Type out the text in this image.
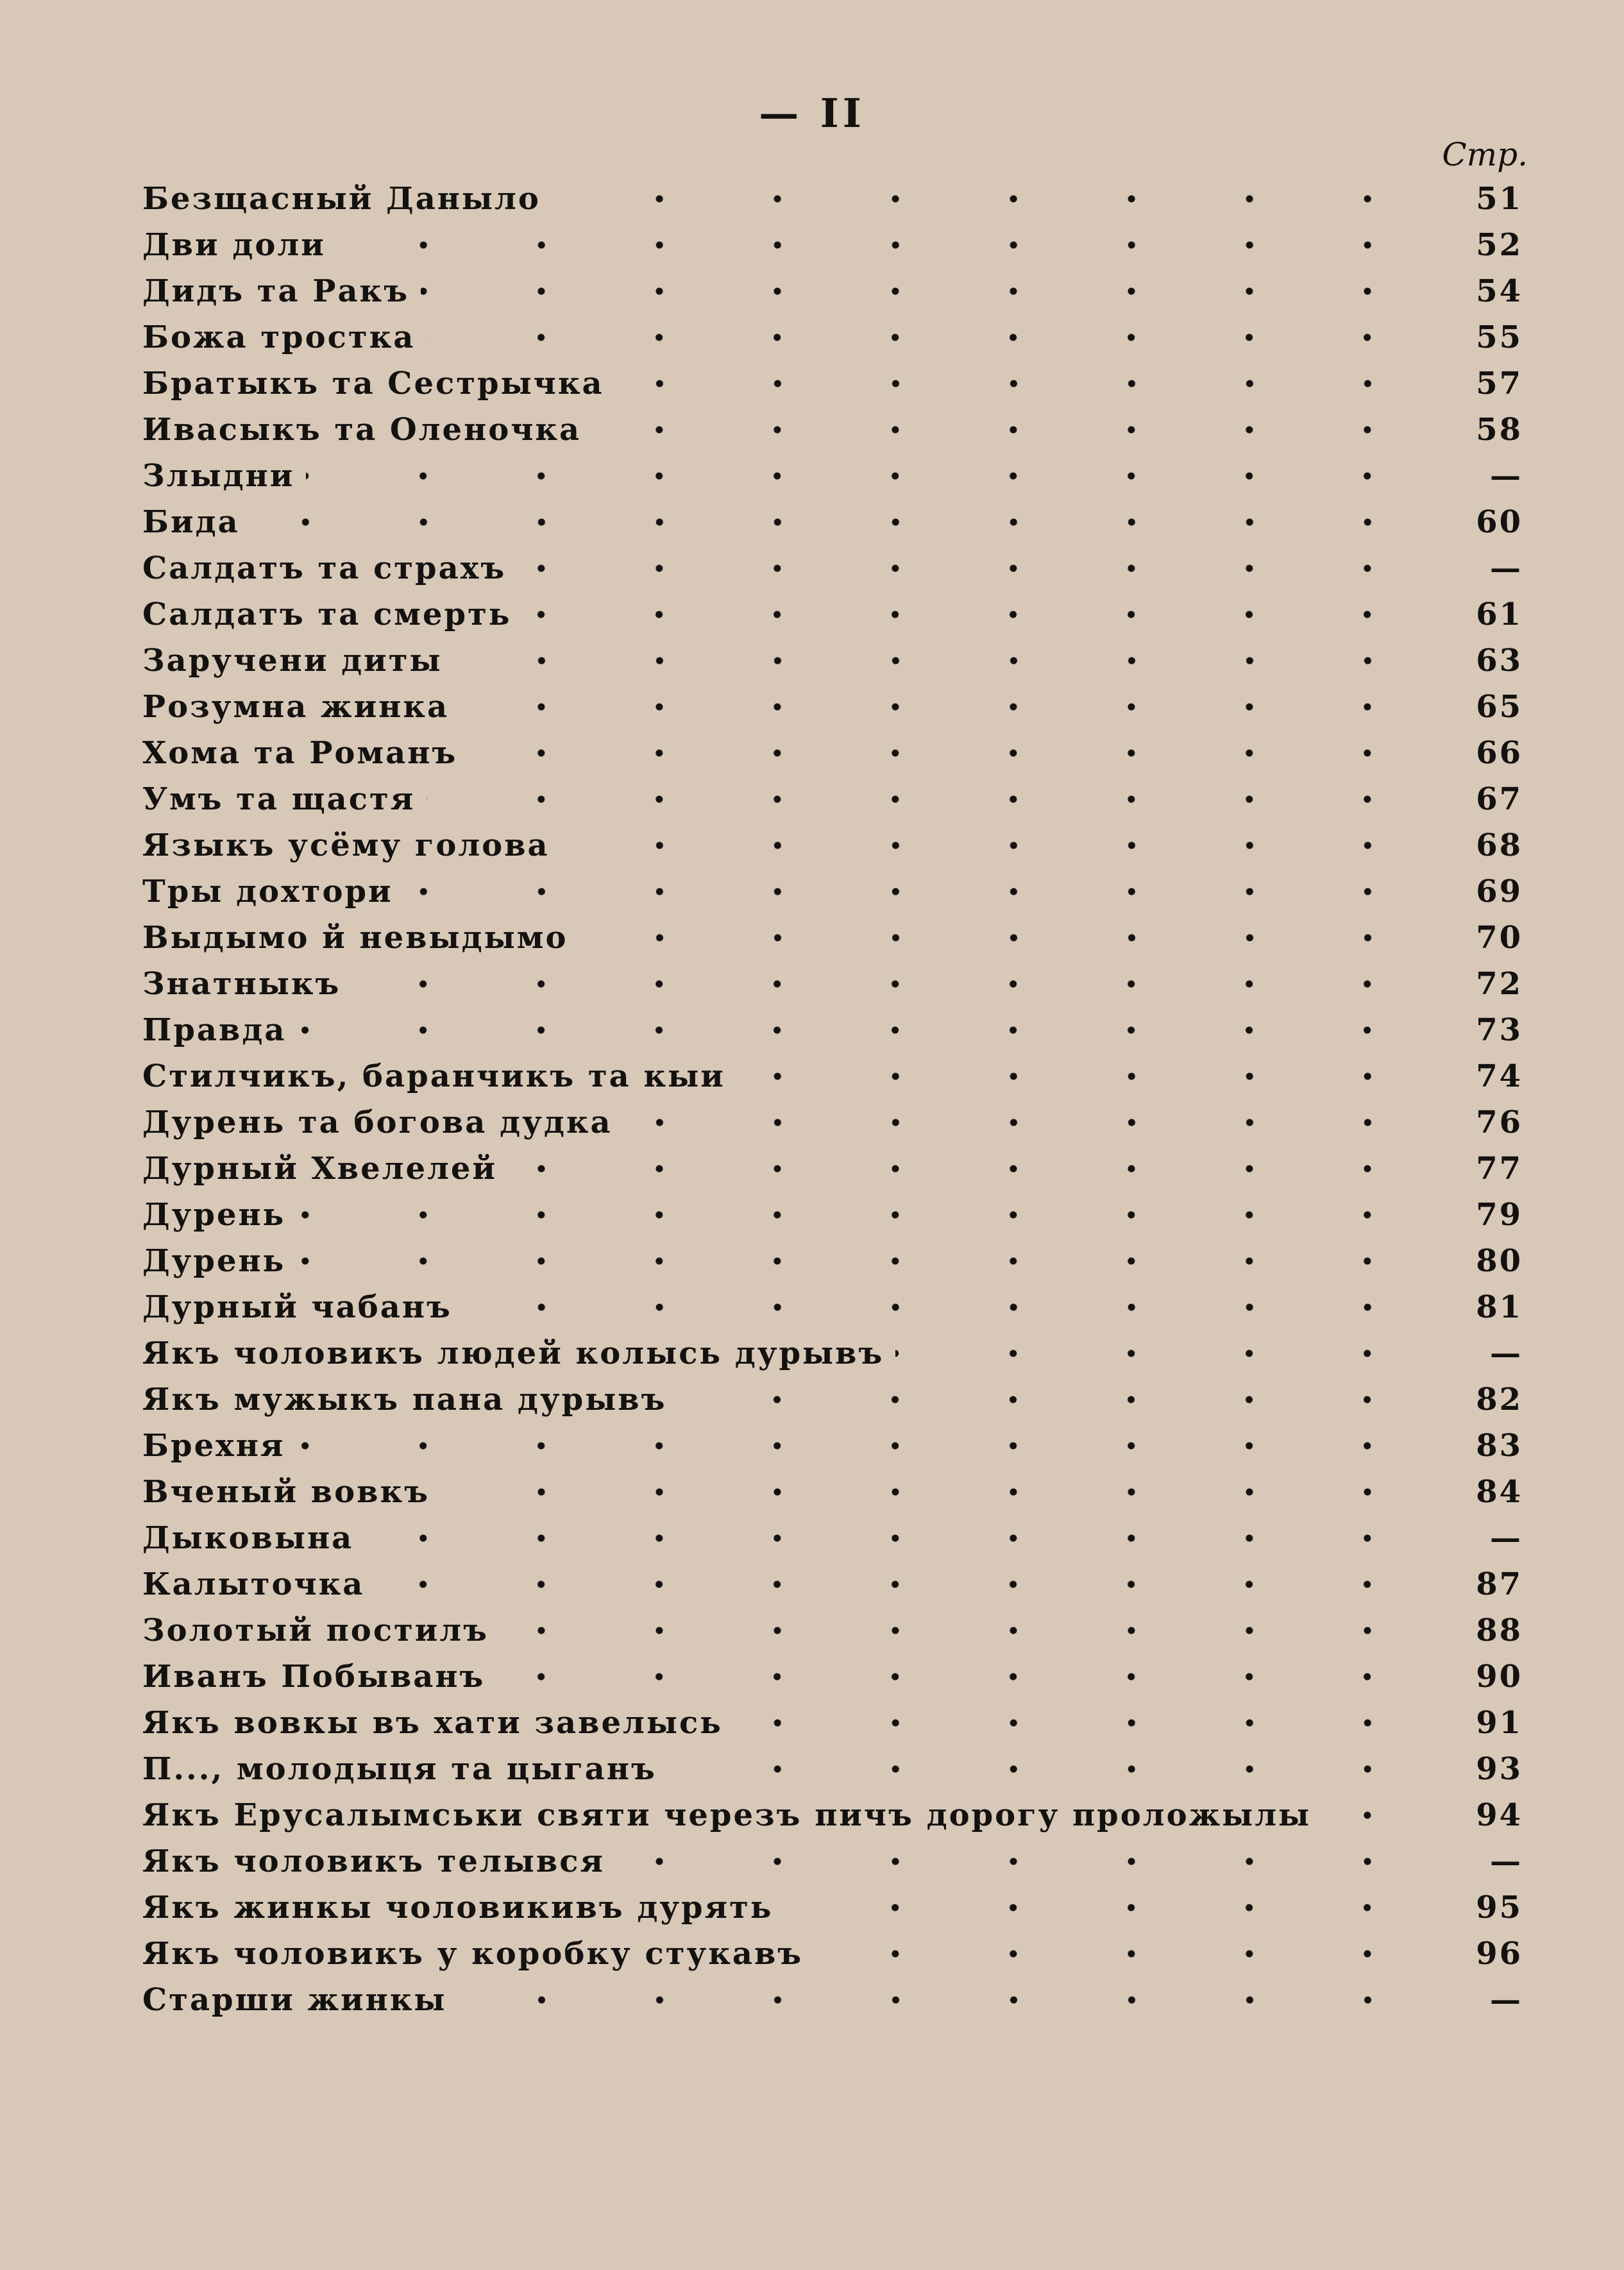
— II
Стр.
Безщасный Даныло	51
Дви доли	52
Дидъ та Ракъ	54
Божа тростка	55
Братыкъ та Сестрычка	57
Ивасыкъ та Оленочка	58
Злыдни	—
Бида	60
Салдатъ та страхъ	—
Салдатъ та смерть	61
Заручени диты	63
Розумна жинка	65
Хома та Романъ	66
Умъ та щастя	67
Языкъ усёму голова	68
Тры дохтори	69
Выдымо й невыдымо	70
Знатныкъ	72
Правда	73
Стилчикъ, баранчикъ та кыи	74
Дурень та богова дудка	76
Дурный Хвелелей	77
Дурень	79
Дурень	80
Дурный чабанъ	81
Якъ чоловикъ людей колысь дурывъ	—
Якъ мужыкъ пана дурывъ	82
Брехня	83
Вченый вовкъ	84
Дыковына	—
Калыточка	87
Золотый постилъ	88
Иванъ Побыванъ	90
Якъ вовкы въ хати завелысь	91
П..., молодыця та цыганъ	93
Якъ Ерусалымськи святи черезъ пичъ дорогу проложылы	94
Якъ чоловикъ телывся	—
Якъ жинкы чоловикивъ дурять	95
Якъ чоловикъ у коробку стукавъ	96
Старши жинкы	—
